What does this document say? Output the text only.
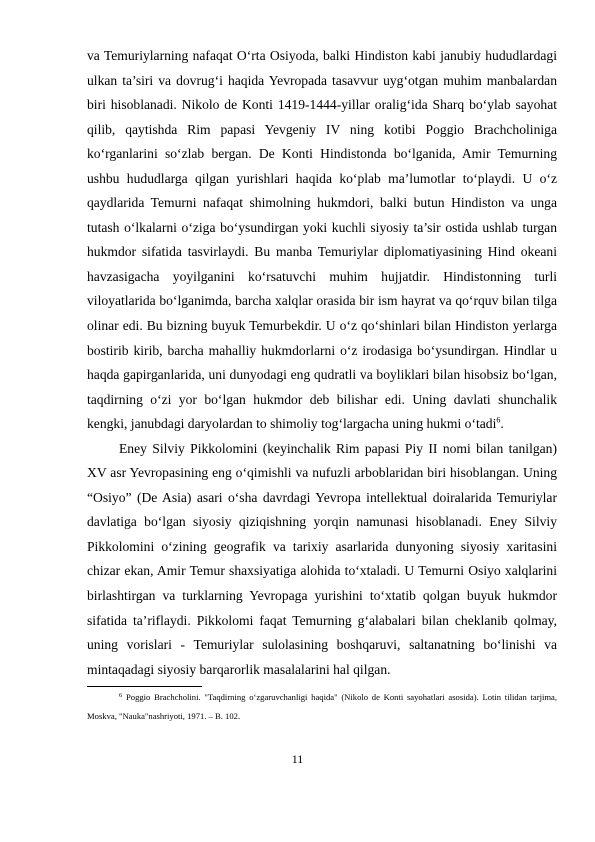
va Temuriylarning nafaqat O‘rta Osiyoda, balki Hindiston kabi janubiy hududlardagi ulkan ta’siri va dovrug‘i haqida Yevropada tasavvur uyg‘otgan muhim manbalardan biri hisoblanadi. Nikolo de Konti 1419-1444-yillar oralig‘ida Sharq bo‘ylab sayohat qilib, qaytishda Rim papasi Yevgeniy IV ning kotibi Poggio Brachcholiniga ko‘rganlarini so‘zlab bergan. De Konti Hindistonda bo‘lganida, Amir Temurning ushbu hududlarga qilgan yurishlari haqida ko‘plab ma’lumotlar to‘playdi. U o‘z qaydlarida Temurni nafaqat shimolning hukmdori, balki butun Hindiston va unga tutash o‘lkalarni o‘ziga bo‘ysundirgan yoki kuchli siyosiy ta’sir ostida ushlab turgan hukmdor sifatida tasvirlaydi. Bu manba Temuriylar diplomatiyasining Hind okeani havzasigacha yoyilganini ko‘rsatuvchi muhim hujjatdir. Hindistonning turli viloyatlarida bo‘lganimda, barcha xalqlar orasida bir ism hayrat va qo‘rquv bilan tilga olinar edi. Bu bizning buyuk Temurbekdir. U o‘z qo‘shinlari bilan Hindiston yerlarga bostirib kirib, barcha mahalliy hukmdorlarni o‘z irodasiga bo‘ysundirgan. Hindlar u haqda gapirganlarida, uni dunyodagi eng qudratli va boyliklari bilan hisobsiz bo‘lgan, taqdirning o‘zi yor bo‘lgan hukmdor deb bilishar edi. Uning davlati shunchalik kengki, janubdagi daryolardan to shimoliy tog‘largacha uning hukmi o‘tadi$^6$.

Eney Silviy Pikkolomini (keyinchalik Rim papasi Piy II nomi bilan tanilgan) XV asr Yevropasining eng o‘qimishli va nufuzli arboblaridan biri hisoblangan. Uning “Osiyo” (De Asia) asari o‘sha davrdagi Yevropa intellektual doiralarida Temuriylar davlatiga bo‘lgan siyosiy qiziqishning yorqin namunasi hisoblanadi. Eney Silviy Pikkolomini o‘zining geografik va tarixiy asarlarida dunyoning siyosiy xaritasini chizar ekan, Amir Temur shaxsiyatiga alohida to‘xtaladi. U Temurni Osiyo xalqlarini birlashtirgan va turklarning Yevropaga yurishini to‘xtatib qolgan buyuk hukmdor sifatida ta’riflaydi. Pikkolomi faqat Temurning g‘alabalari bilan cheklanib qolmay, uning vorislari - Temuriylar sulolasining boshqaruvi, saltanatning bo‘linishi va mintaqadagi siyosiy barqarorlik masalalarini hal qilgan.

$^6$ Poggio Brachcholini. "Taqdirning o‘zgaruvchanligi haqida" (Nikolo de Konti sayohatlari asosida). Lotin tilidan tarjima, Moskva, "Nauka"nashriyoti, 1971. – B. 102.

11
